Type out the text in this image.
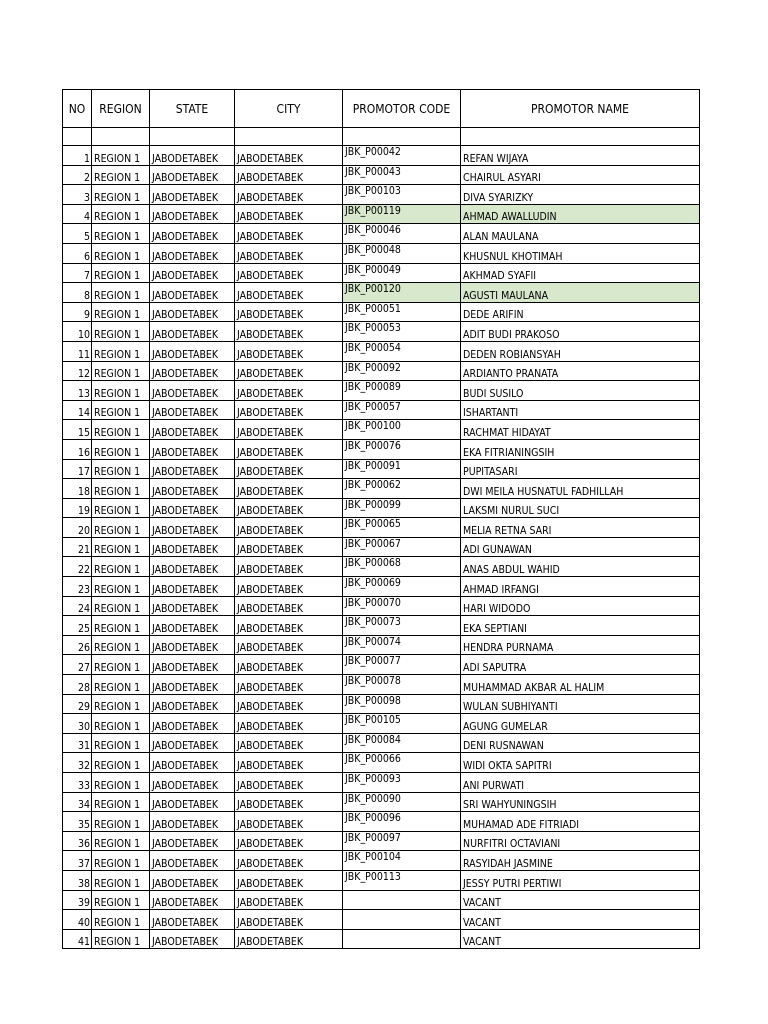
NO	REGION	STATE	CITY	PROMOTOR CODE	PROMOTOR NAME

1	REGION 1	JABODETABEK	JABODETABEK	JBK_P00042	REFAN WIJAYA
2	REGION 1	JABODETABEK	JABODETABEK	JBK_P00043	CHAIRUL ASYARI
3	REGION 1	JABODETABEK	JABODETABEK	JBK_P00103	DIVA SYARIZKY
4	REGION 1	JABODETABEK	JABODETABEK	JBK_P00119	AHMAD AWALLUDIN
5	REGION 1	JABODETABEK	JABODETABEK	JBK_P00046	ALAN MAULANA
6	REGION 1	JABODETABEK	JABODETABEK	JBK_P00048	KHUSNUL KHOTIMAH
7	REGION 1	JABODETABEK	JABODETABEK	JBK_P00049	AKHMAD SYAFII
8	REGION 1	JABODETABEK	JABODETABEK	JBK_P00120	AGUSTI MAULANA
9	REGION 1	JABODETABEK	JABODETABEK	JBK_P00051	DEDE ARIFIN
10	REGION 1	JABODETABEK	JABODETABEK	JBK_P00053	ADIT BUDI PRAKOSO
11	REGION 1	JABODETABEK	JABODETABEK	JBK_P00054	DEDEN ROBIANSYAH
12	REGION 1	JABODETABEK	JABODETABEK	JBK_P00092	ARDIANTO PRANATA
13	REGION 1	JABODETABEK	JABODETABEK	JBK_P00089	BUDI SUSILO
14	REGION 1	JABODETABEK	JABODETABEK	JBK_P00057	ISHARTANTI
15	REGION 1	JABODETABEK	JABODETABEK	JBK_P00100	RACHMAT HIDAYAT
16	REGION 1	JABODETABEK	JABODETABEK	JBK_P00076	EKA FITRIANINGSIH
17	REGION 1	JABODETABEK	JABODETABEK	JBK_P00091	PUPITASARI
18	REGION 1	JABODETABEK	JABODETABEK	JBK_P00062	DWI MEILA HUSNATUL FADHILLAH
19	REGION 1	JABODETABEK	JABODETABEK	JBK_P00099	LAKSMI NURUL SUCI
20	REGION 1	JABODETABEK	JABODETABEK	JBK_P00065	MELIA RETNA SARI
21	REGION 1	JABODETABEK	JABODETABEK	JBK_P00067	ADI GUNAWAN
22	REGION 1	JABODETABEK	JABODETABEK	JBK_P00068	ANAS ABDUL WAHID
23	REGION 1	JABODETABEK	JABODETABEK	JBK_P00069	AHMAD IRFANGI
24	REGION 1	JABODETABEK	JABODETABEK	JBK_P00070	HARI WIDODO
25	REGION 1	JABODETABEK	JABODETABEK	JBK_P00073	EKA SEPTIANI
26	REGION 1	JABODETABEK	JABODETABEK	JBK_P00074	HENDRA PURNAMA
27	REGION 1	JABODETABEK	JABODETABEK	JBK_P00077	ADI SAPUTRA
28	REGION 1	JABODETABEK	JABODETABEK	JBK_P00078	MUHAMMAD AKBAR AL HALIM
29	REGION 1	JABODETABEK	JABODETABEK	JBK_P00098	WULAN SUBHIYANTI
30	REGION 1	JABODETABEK	JABODETABEK	JBK_P00105	AGUNG GUMELAR
31	REGION 1	JABODETABEK	JABODETABEK	JBK_P00084	DENI RUSNAWAN
32	REGION 1	JABODETABEK	JABODETABEK	JBK_P00066	WIDI OKTA SAPITRI
33	REGION 1	JABODETABEK	JABODETABEK	JBK_P00093	ANI PURWATI
34	REGION 1	JABODETABEK	JABODETABEK	JBK_P00090	SRI WAHYUNINGSIH
35	REGION 1	JABODETABEK	JABODETABEK	JBK_P00096	MUHAMAD ADE FITRIADI
36	REGION 1	JABODETABEK	JABODETABEK	JBK_P00097	NURFITRI OCTAVIANI
37	REGION 1	JABODETABEK	JABODETABEK	JBK_P00104	RASYIDAH JASMINE
38	REGION 1	JABODETABEK	JABODETABEK	JBK_P00113	JESSY PUTRI PERTIWI
39	REGION 1	JABODETABEK	JABODETABEK		VACANT
40	REGION 1	JABODETABEK	JABODETABEK		VACANT
41	REGION 1	JABODETABEK	JABODETABEK		VACANT
